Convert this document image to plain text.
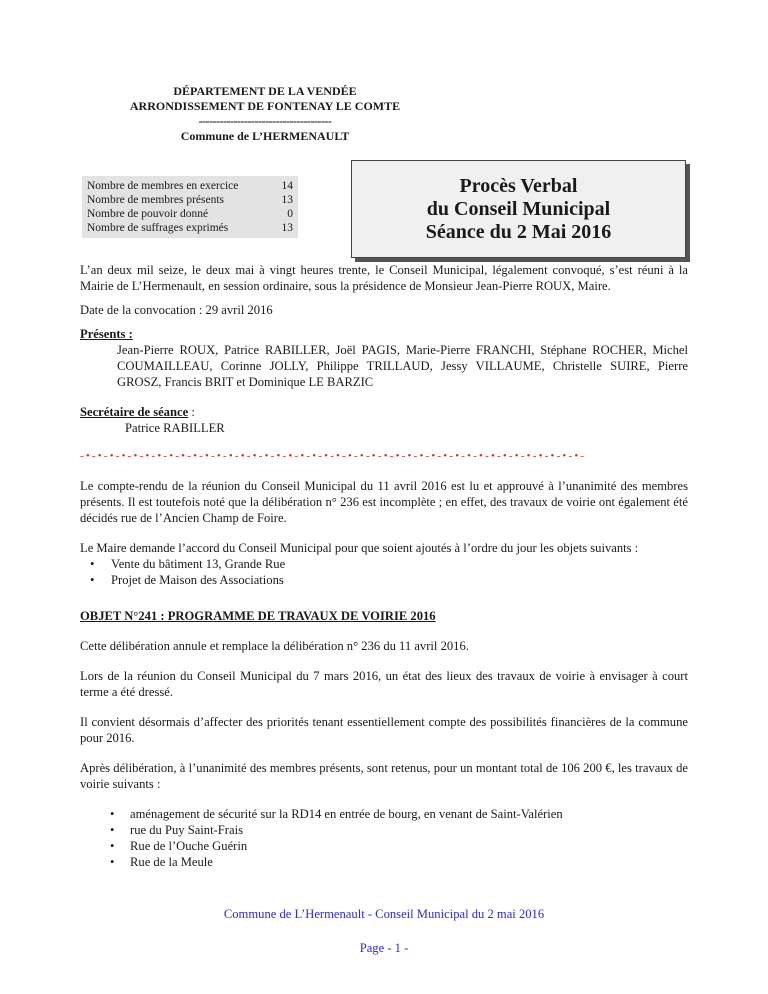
DÉPARTEMENT DE LA VENDÉE
ARRONDISSEMENT DE FONTENAY LE COMTE
--------------------------------------
Commune de L’HERMENAULT
Nombre de membres en exercice	14
Nombre de membres présents	13
Nombre de pouvoir donné	0
Nombre de suffrages exprimés	13
Procès Verbal
du Conseil Municipal
Séance du 2 Mai 2016

L’an deux mil seize, le deux mai à vingt heures trente, le Conseil Municipal, légalement convoqué, s’est réuni à la Mairie de L’Hermenault, en session ordinaire, sous la présidence de Monsieur Jean-Pierre ROUX, Maire.

Date de la convocation : 29 avril 2016

Présents :

Jean-Pierre ROUX, Patrice RABILLER, Joël PAGIS, Marie-Pierre FRANCHI, Stéphane ROCHER, Michel COUMAILLEAU, Corinne JOLLY, Philippe TRILLAUD, Jessy VILLAUME, Christelle SUIRE, Pierre GROSZ, Francis BRIT et Dominique LE BARZIC

Secrétaire de séance :

Patrice RABILLER

-•-•-•-•-•-•-•-•-•-•-•-•-•-•-•-•-•-•-•-•-•-•-•-•-•-•-•-•-•-•-•-•-•-•-•-•-•-•-•-•-•-•-

Le compte-rendu de la réunion du Conseil Municipal du 11 avril 2016 est lu et approuvé à l’unanimité des membres présents. Il est toutefois noté que la délibération n° 236 est incomplète ; en effet, des travaux de voirie ont également été décidés rue de l’Ancien Champ de Foire.

Le Maire demande l’accord du Conseil Municipal pour que soient ajoutés à l’ordre du jour les objets suivants :

• Vente du bâtiment 13, Grande Rue
• Projet de Maison des Associations

OBJET N°241 : PROGRAMME DE TRAVAUX DE VOIRIE 2016

Cette délibération annule et remplace la délibération n° 236 du 11 avril 2016.

Lors de la réunion du Conseil Municipal du 7 mars 2016, un état des lieux des travaux de voirie à envisager à court terme a été dressé.

Il convient désormais d’affecter des priorités tenant essentiellement compte des possibilités financières de la commune pour 2016.

Après délibération, à l’unanimité des membres présents, sont retenus, pour un montant total de 106 200 €, les travaux de voirie suivants :

• aménagement de sécurité sur la RD14 en entrée de bourg, en venant de Saint-Valérien
• rue du Puy Saint-Frais
• Rue de l’Ouche Guérin
• Rue de la Meule
Commune de L’Hermenault - Conseil Municipal du 2 mai 2016
Page - 1 -
